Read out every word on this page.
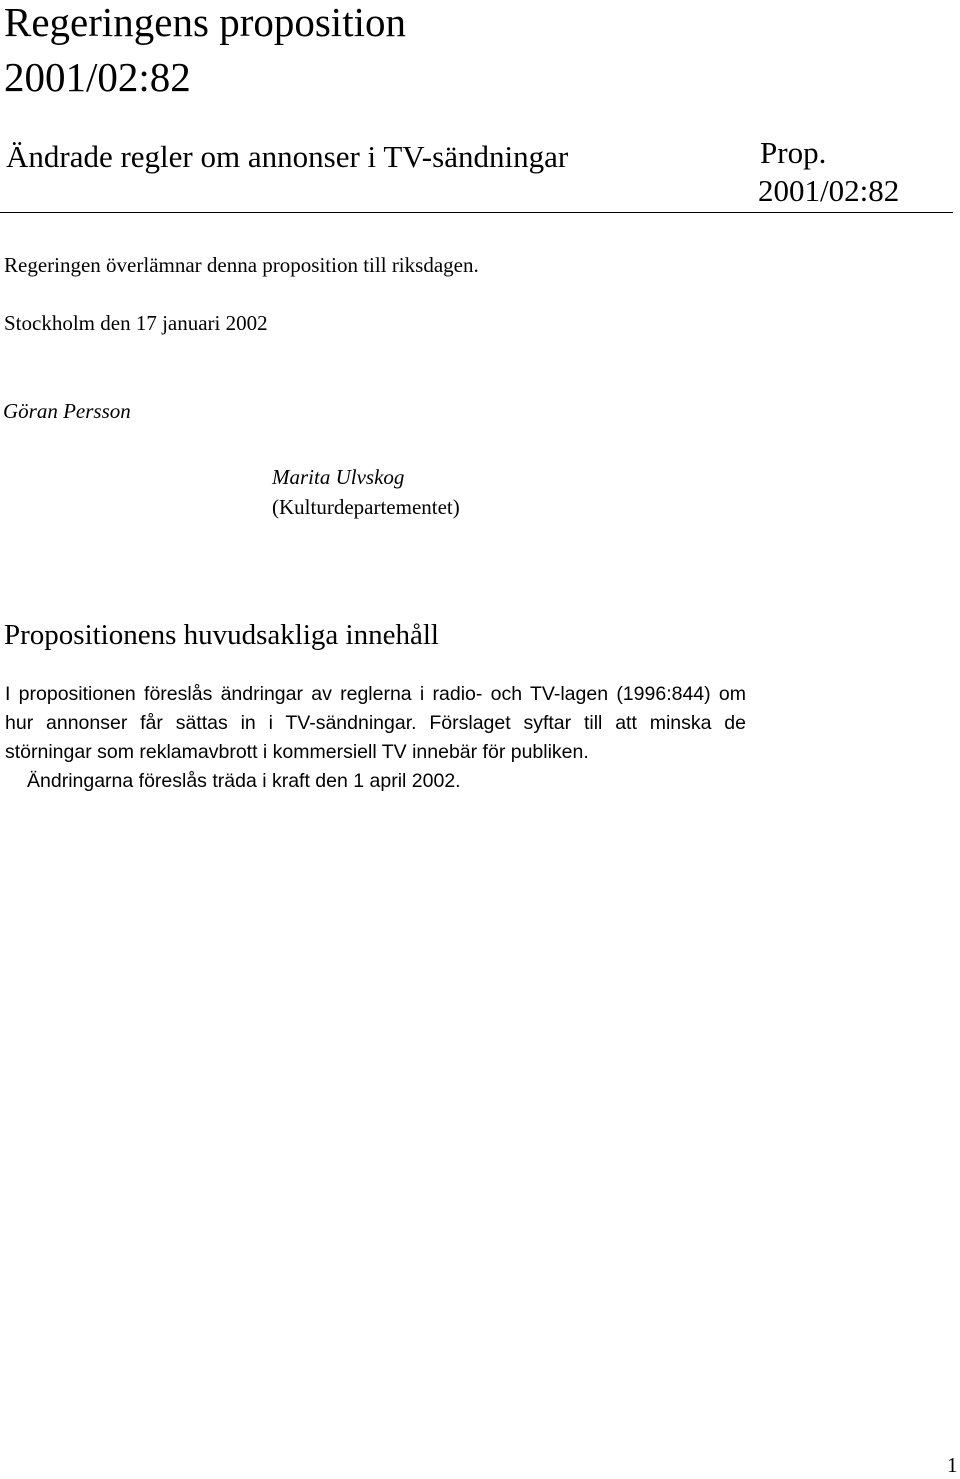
Regeringens proposition
2001/02:82
Ändrade regler om annonser i TV-sändningar	Prop.
2001/02:82
Regeringen överlämnar denna proposition till riksdagen.
Stockholm den 17 januari 2002
Göran Persson
Marita Ulvskog
(Kulturdepartementet)
Propositionens huvudsakliga innehåll

I propositionen föreslås ändringar av reglerna i radio- och TV-lagen (1996:844) om hur annonser får sättas in i TV-sändningar. Förslaget syftar till att minska de störningar som reklamavbrott i kommersiell TV innebär för publiken.

Ändringarna föreslås träda i kraft den 1 april 2002.

1
